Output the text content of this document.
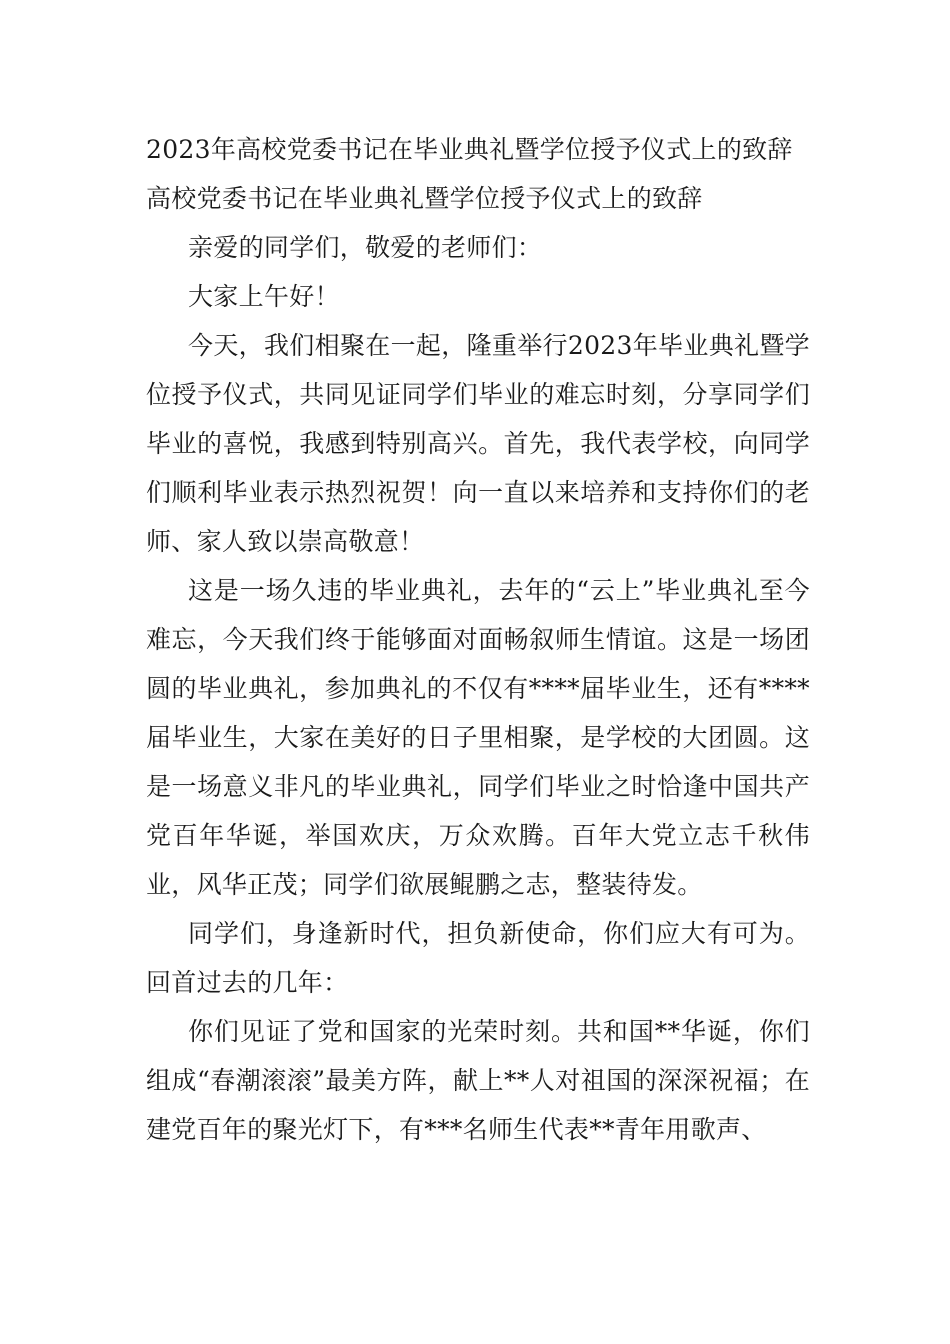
2023年高校党委书记在毕业典礼暨学位授予仪式上的致辞

高校党委书记在毕业典礼暨学位授予仪式上的致辞

亲爱的同学们，敬爱的老师们：

大家上午好！

今天，我们相聚在一起，隆重举行2023年毕业典礼暨学位授予仪式，共同见证同学们毕业的难忘时刻，分享同学们毕业的喜悦，我感到特别高兴。首先，我代表学校，向同学们顺利毕业表示热烈祝贺！向一直以来培养和支持你们的老师、家人致以崇高敬意！

这是一场久违的毕业典礼，去年的“云上”毕业典礼至今难忘，今天我们终于能够面对面畅叙师生情谊。这是一场团圆的毕业典礼，参加典礼的不仅有****届毕业生，还有****届毕业生，大家在美好的日子里相聚，是学校的大团圆。这是一场意义非凡的毕业典礼，同学们毕业之时恰逢中国共产党百年华诞，举国欢庆，万众欢腾。百年大党立志千秋伟业，风华正茂；同学们欲展鲲鹏之志，整装待发。

同学们，身逢新时代，担负新使命，你们应大有可为。回首过去的几年：

你们见证了党和国家的光荣时刻。共和国**华诞，你们组成“春潮滚滚”最美方阵，献上**人对祖国的深深祝福；在建党百年的聚光灯下，有***名师生代表**青年用歌声、
